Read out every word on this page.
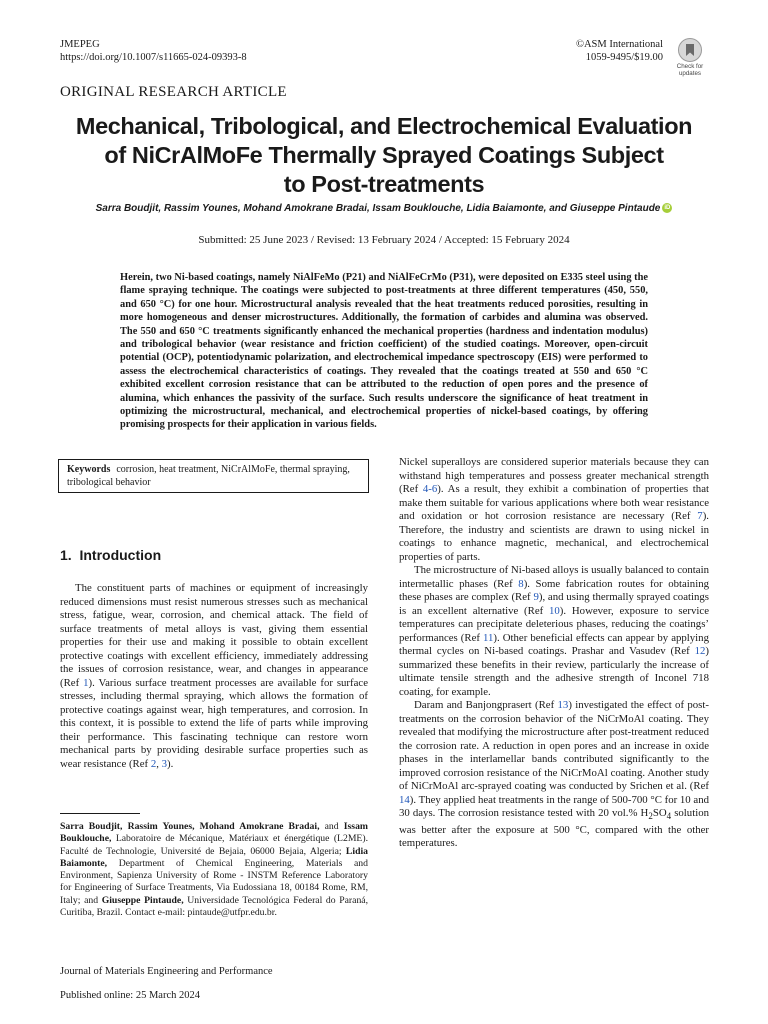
JMEPEG
https://doi.org/10.1007/s11665-024-09393-8
©ASM International
1059-9495/$19.00
Check for
updates
ORIGINAL RESEARCH ARTICLE
Mechanical, Tribological, and Electrochemical Evaluation
of NiCrAlMoFe Thermally Sprayed Coatings Subject
to Post-treatments
Sarra Boudjit, Rassim Younes, Mohand Amokrane Bradai, Issam Bouklouche, Lidia Baiamonte, and Giuseppe Pintaude iD
Submitted: 25 June 2023 / Revised: 13 February 2024 / Accepted: 15 February 2024
Herein, two Ni-based coatings, namely NiAlFeMo (P21) and NiAlFeCrMo (P31), were deposited on E335 steel using the flame spraying technique. The coatings were subjected to post-treatments at three different temperatures (450, 550, and 650 °C) for one hour. Microstructural analysis revealed that the heat treatments reduced porosities, resulting in more homogeneous and denser microstructures. Additionally, the formation of carbides and alumina was observed. The 550 and 650 °C treatments significantly enhanced the mechanical properties (hardness and indentation modulus) and tribological behavior (wear resistance and friction coefficient) of the studied coatings. Moreover, open-circuit potential (OCP), potentiodynamic polarization, and electrochemical impedance spectroscopy (EIS) were performed to assess the electrochemical characteristics of coatings. They revealed that the coatings treated at 550 and 650 °C exhibited excellent corrosion resistance that can be attributed to the reduction of open pores and the presence of alumina, which enhances the passivity of the surface. Such results underscore the significance of heat treatment in optimizing the microstructural, mechanical, and electrochemical properties of nickel-based coatings, by offering promising prospects for their application in various fields.
Keywords corrosion, heat treatment, NiCrAlMoFe, thermal spraying, tribological behavior
1. Introduction

The constituent parts of machines or equipment of increasingly reduced dimensions must resist numerous stresses such as mechanical stress, fatigue, wear, corrosion, and chemical attack. The field of surface treatments of metal alloys is vast, giving them essential properties for their use and making it possible to obtain excellent protective coatings with excellent efficiency, immediately addressing the issues of corrosion resistance, wear, and changes in appearance (Ref 1). Various surface treatment processes are available for surface stresses, including thermal spraying, which allows the formation of protective coatings against wear, high temperatures, and corrosion. In this context, it is possible to extend the life of parts while improving their performance. This fascinating technique can restore worn mechanical parts by providing desirable surface properties such as wear resistance (Ref 2, 3).

Sarra Boudjit, Rassim Younes, Mohand Amokrane Bradai, and Issam Bouklouche, Laboratoire de Mécanique, Matériaux et énergétique (L2ME). Faculté de Technologie, Université de Bejaia, 06000 Bejaia, Algeria; Lidia Baiamonte, Department of Chemical Engineering, Materials and Environment, Sapienza University of Rome - INSTM Reference Laboratory for Engineering of Surface Treatments, Via Eudossiana 18, 00184 Rome, RM, Italy; and Giuseppe Pintaude, Universidade Tecnológica Federal do Paraná, Curitiba, Brazil. Contact e-mail: pintaude@utfpr.edu.br.

Nickel superalloys are considered superior materials because they can withstand high temperatures and possess greater mechanical strength (Ref 4-6). As a result, they exhibit a combination of properties that make them suitable for various applications where both wear resistance and oxidation or hot corrosion resistance are necessary (Ref 7). Therefore, the industry and scientists are drawn to using nickel in coatings to enhance magnetic, mechanical, and electrochemical properties of parts.

The microstructure of Ni-based alloys is usually balanced to contain intermetallic phases (Ref 8). Some fabrication routes for obtaining these phases are complex (Ref 9), and using thermally sprayed coatings is an excellent alternative (Ref 10). However, exposure to service temperatures can precipitate deleterious phases, reducing the coatings’ performances (Ref 11). Other beneficial effects can appear by applying thermal cycles on Ni-based coatings. Prashar and Vasudev (Ref 12) summarized these benefits in their review, particularly the increase of ultimate tensile strength and the adhesive strength of Inconel 718 coating, for example.

Daram and Banjongprasert (Ref 13) investigated the effect of post-treatments on the corrosion behavior of the NiCrMoAl coating. They revealed that modifying the microstructure after post-treatment reduced the corrosion rate. A reduction in open pores and an increase in oxide phases in the interlamellar bands contributed significantly to the improved corrosion resistance of the NiCrMoAl coating. Another study of NiCrMoAl arc-sprayed coating was conducted by Srichen et al. (Ref 14). They applied heat treatments in the range of 500-700 °C for 10 and 30 days. The corrosion resistance tested with 20 vol.% $H_2SO_4$ solution was better after the exposure at 500 °C, compared with the other temperatures.

Journal of Materials Engineering and Performance
Published online: 25 March 2024
